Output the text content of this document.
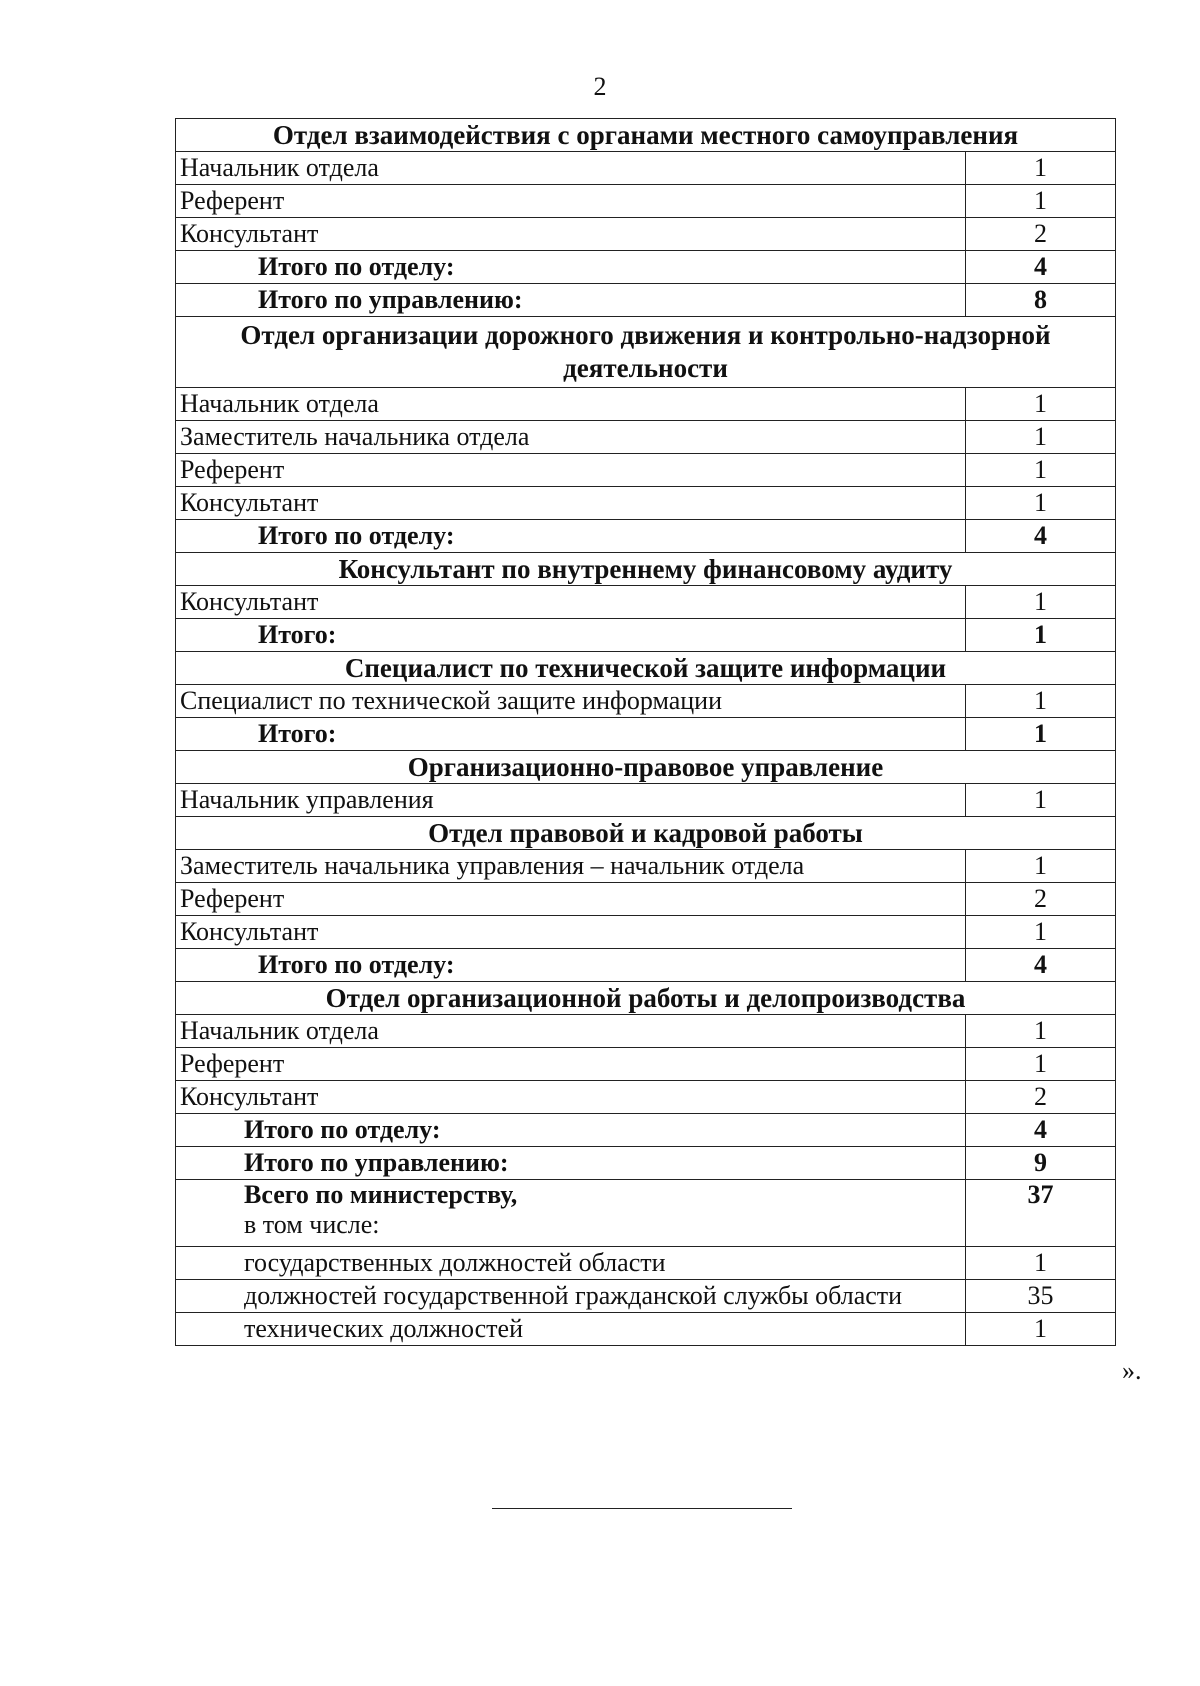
2
Отдел взаимодействия с органами местного самоуправления	
Начальник отдела	1
Референт	1
Консультант	2
Итого по отделу:	4
Итого по управлению:	8
Отдел организации дорожного движения и контрольно-надзорной деятельности	
Начальник отдела	1
Заместитель начальника отдела	1
Референт	1
Консультант	1
Итого по отделу:	4
Консультант по внутреннему финансовому аудиту	
Консультант	1
Итого:	1
Специалист по технической защите информации	
Специалист по технической защите информации	1
Итого:	1
Организационно-правовое управление	
Начальник управления	1
Отдел правовой и кадровой работы	
Заместитель начальника управления – начальник отдела	1
Референт	2
Консультант	1
Итого по отделу:	4
Отдел организационной работы и делопроизводства	
Начальник отдела	1
Референт	1
Консультант	2
Итого по отделу:	4
Итого по управлению:	9

Всего по министерству,
в том числе:	37
государственных должностей области	1
должностей государственной гражданской службы области	35
технических должностей	1
».
